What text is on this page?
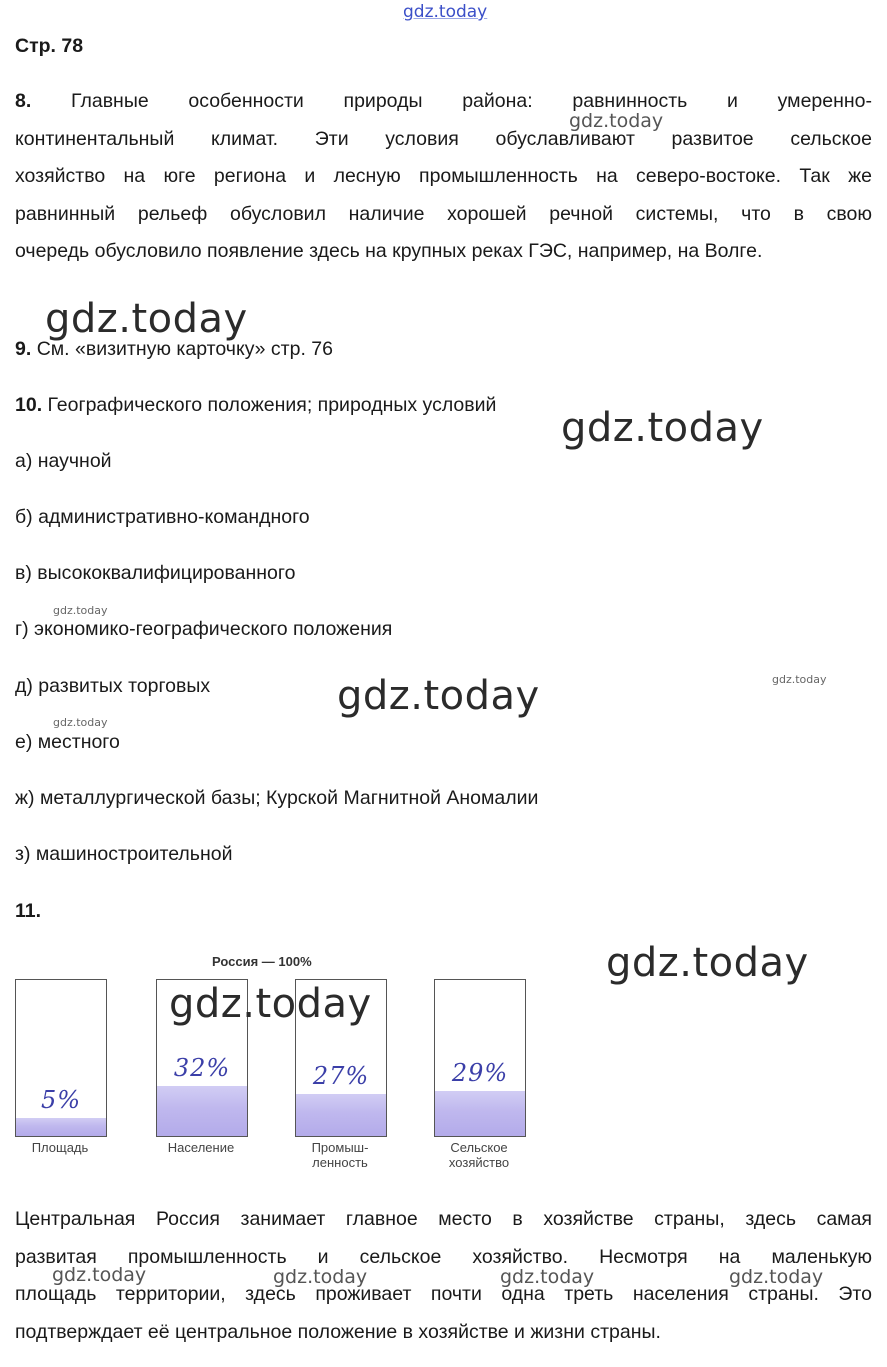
gdz.today
gdz.today
gdz.today
gdz.today
gdz.today
gdz.today	gdz.today
gdz.today
gdz.today
gdz.today
gdz.today	gdz.today	gdz.today	gdz.today
Стр. 78
8. Главные особенности природы района: равнинность и умеренно-
континентальный климат. Эти условия обуславливают развитое сельское
хозяйство на юге региона и лесную промышленность на северо-востоке. Так же
равнинный рельеф обусловил наличие хорошей речной системы, что в свою
очередь обусловило появление здесь на крупных реках ГЭС, например, на Волге.
9. См. «визитную карточку» стр. 76
10. Географического положения; природных условий
а) научной
б) административно-командного
в) высококвалифицированного
г) экономико-географического положения
д) развитых торговых
е) местного
ж) металлургической базы; Курской Магнитной Аномалии
з) машиностроительной
11.
Россия — 100%
5%
Площадь
32%
Население
27%
Промыш-
ленность
29%
Сельское
хозяйство
Центральная Россия занимает главное место в хозяйстве страны, здесь самая
развитая промышленность и сельское хозяйство. Несмотря на маленькую
площадь территории, здесь проживает почти одна треть населения страны. Это
подтверждает её центральное положение в хозяйстве и жизни страны.
